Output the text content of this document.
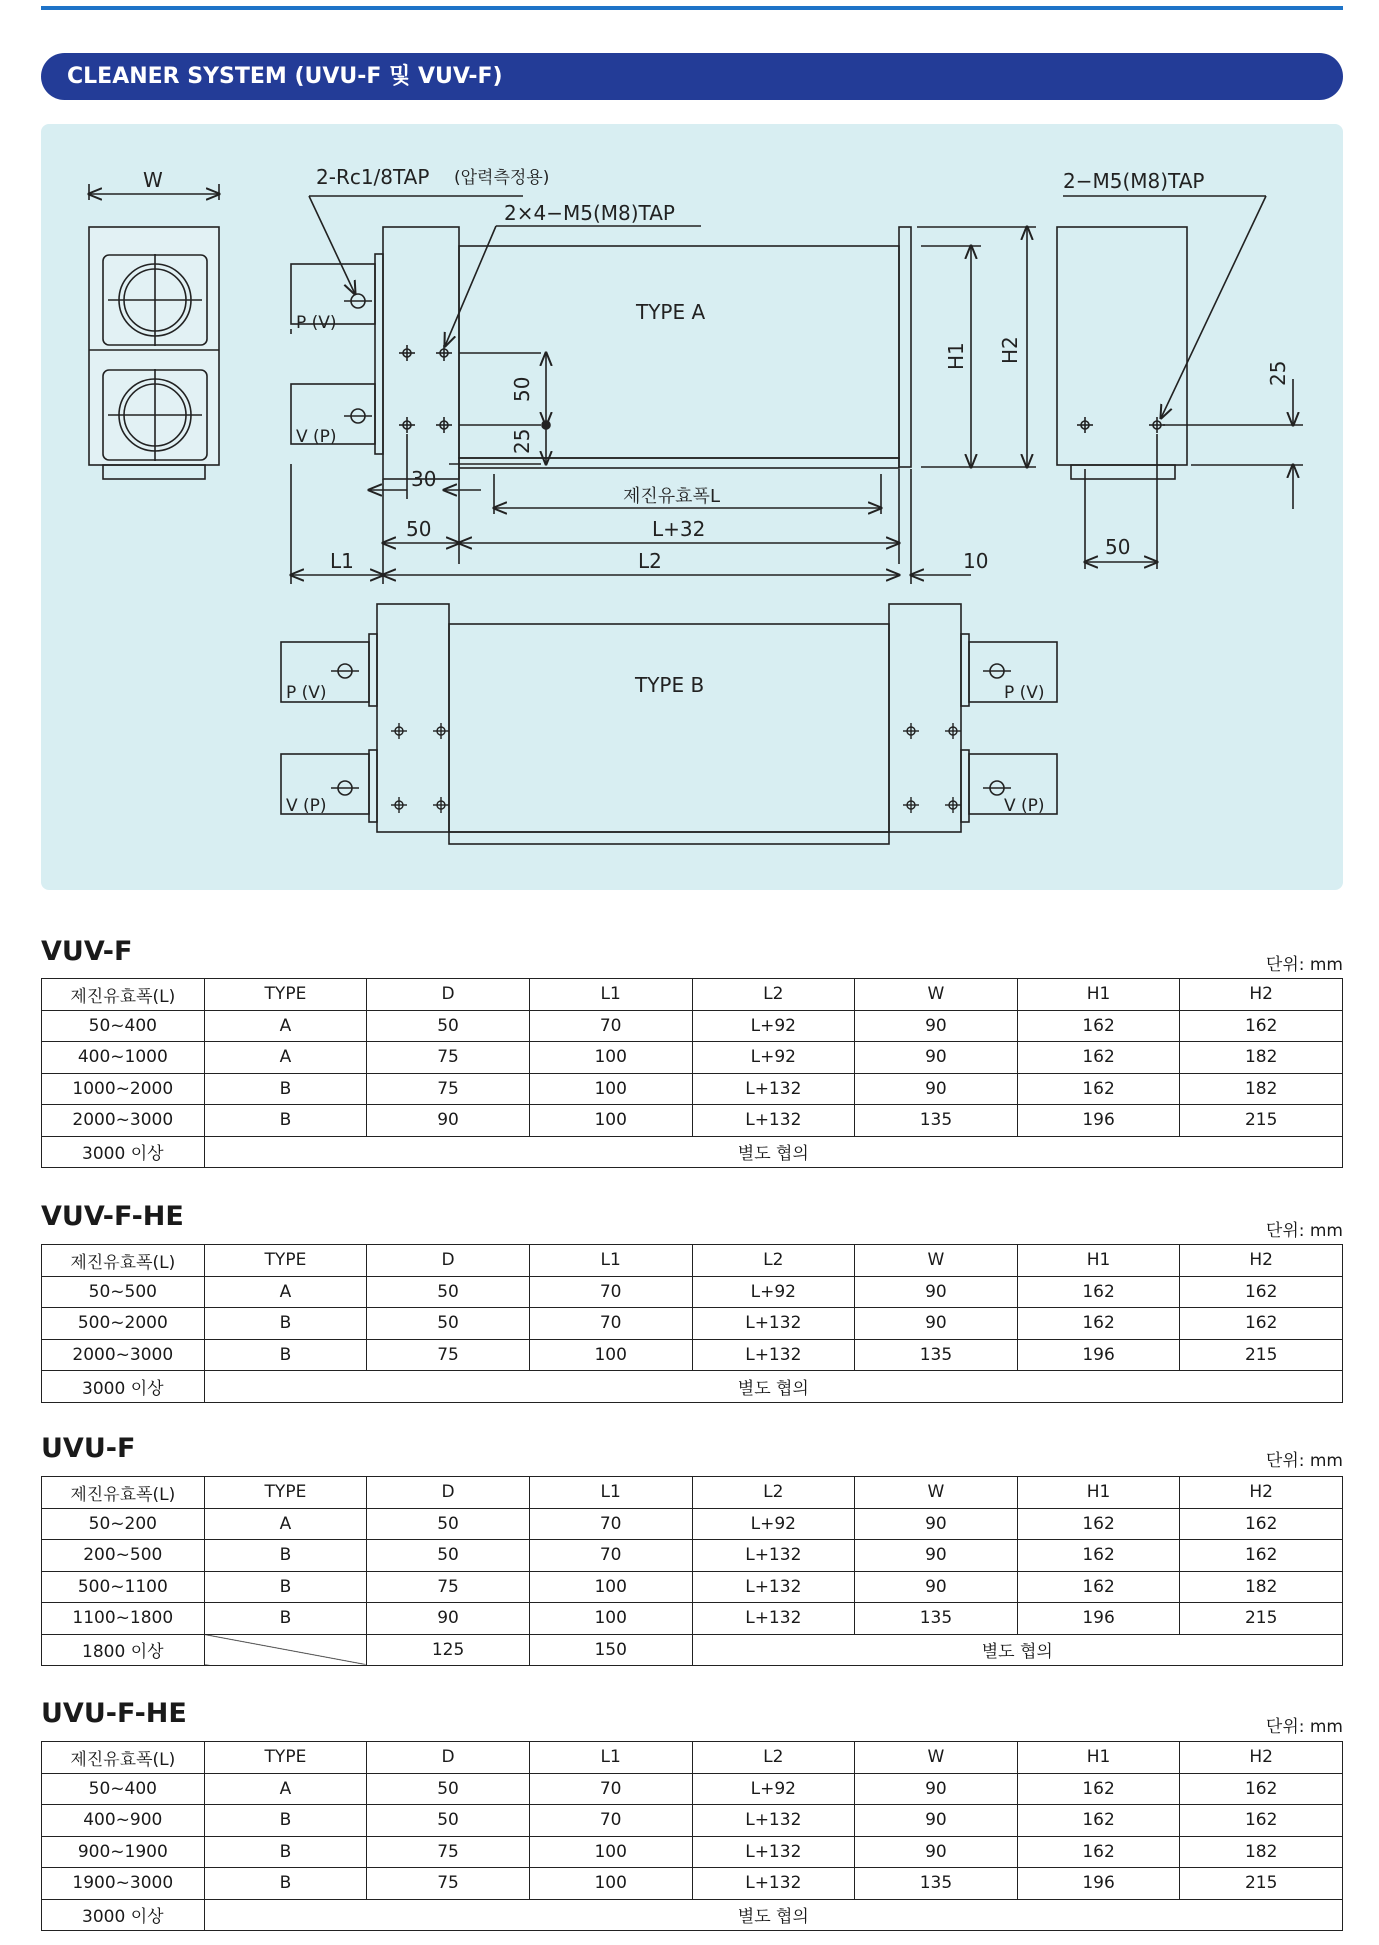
CLEANER SYSTEM (UVU-F 및 VUV-F)
W	2-Rc1/8TAP (압력측정용)
2×4−M5(M8)TAP
2−M5(M8)TAP
TYPE A
P (V)
V (P)
50
25
H1 H2
25
30
제진유효폭L
50	L+32
L1	L2	10
50
TYPE B
P (V)
V (P)
P (V)
V (P)
VUV-F	단위: mm
제진유효폭(L)	TYPE	D	L1	L2	W	H1	H2
50~400	A	50	70	L+92	90	162	162
400~1000	A	75	100	L+92	90	162	182
1000~2000	B	75	100	L+132	90	162	182
2000~3000	B	90	100	L+132	135	196	215
3000 이상	별도 협의						
VUV-F-HE	단위: mm
제진유효폭(L)	TYPE	D	L1	L2	W	H1	H2
50~500	A	50	70	L+92	90	162	162
500~2000	B	50	70	L+132	90	162	162
2000~3000	B	75	100	L+132	135	196	215
3000 이상	별도 협의						
UVU-F	단위: mm
제진유효폭(L)	TYPE	D	L1	L2	W	H1	H2
50~200	A	50	70	L+92	90	162	162
200~500	B	50	70	L+132	90	162	162
500~1100	B	75	100	L+132	90	162	182
1100~1800	B	90	100	L+132	135	196	215
1800 이상		125	150	별도 협의			
UVU-F-HE	단위: mm
제진유효폭(L)	TYPE	D	L1	L2	W	H1	H2
50~400	A	50	70	L+92	90	162	162
400~900	B	50	70	L+132	90	162	162
900~1900	B	75	100	L+132	90	162	182
1900~3000	B	75	100	L+132	135	196	215
3000 이상	별도 협의						
